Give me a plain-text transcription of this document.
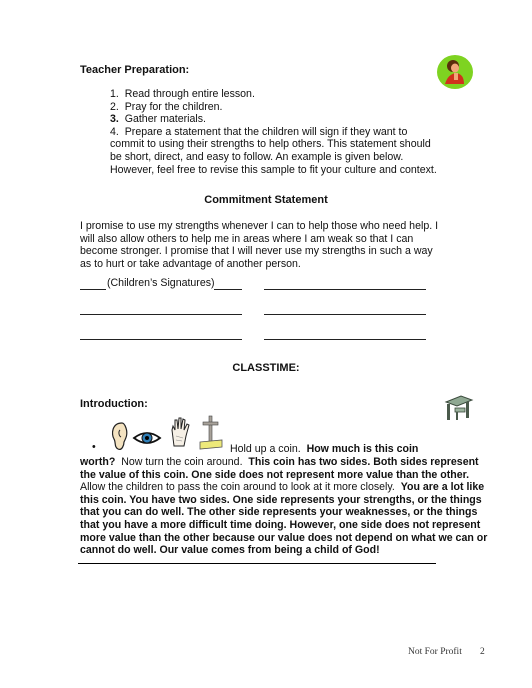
Teacher Preparation:
1. Read through entire lesson.
2. Pray for the children.
3. Gather materials.
4. Prepare a statement that the children will sign if they want to
commit to using their strengths to help others. This statement should
be short, direct, and easy to follow. An example is given below.
However, feel free to revise this sample to fit your culture and context.
Commitment Statement
I promise to use my strengths whenever I can to help those who need help. I
will also allow others to help me in areas where I am weak so that I can
become stronger. I promise that I will never use my strengths in such a way
as to hurt or take advantage of another person.
(Children’s Signatures)
CLASSTIME:
Introduction:
•	Hold up a coin. How much is this coin
worth? Now turn the coin around. This coin has two sides. Both sides represent
the value of this coin. One side does not represent more value than the other.
Allow the children to pass the coin around to look at it more closely. You are a lot like
this coin. You have two sides. One side represents your strengths, or the things
that you can do well. The other side represents your weaknesses, or the things
that you have a more difficult time doing. However, one side does not represent
more value than the other because our value does not depend on what we can or
cannot do well. Our value comes from being a child of God!
Not For Profit 2
